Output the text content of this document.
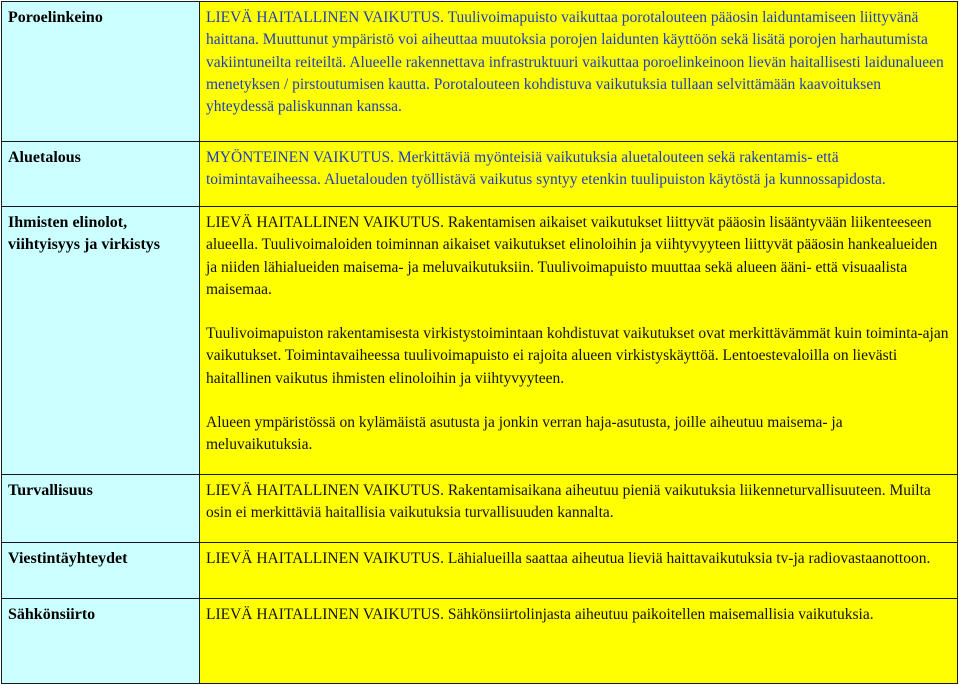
Poroelinkeino	LIEVÄ HAITALLINEN VAIKUTUS. Tuulivoimapuisto vaikuttaa porotalouteen pääosin laiduntamiseen liittyvänä haittana. Muuttunut ympäristö voi aiheuttaa muutoksia porojen laidunten käyttöön sekä lisätä porojen harhautumista vakiintuneilta reiteiltä. Alueelle rakennettava infrastruktuuri vaikuttaa poroelinkeinoon lievän haitallisesti laidunalueen menetyksen / pirstoutumisen kautta. Porotalouteen kohdistuva vaikutuksia tullaan selvittämään kaavoituksen yhteydessä paliskunnan kanssa.

Aluetalous	MYÖNTEINEN VAIKUTUS. Merkittäviä myönteisiä vaikutuksia aluetalouteen sekä rakentamis- että toimintavaiheessa. Aluetalouden työllistävä vaikutus syntyy etenkin tuulipuiston käytöstä ja kunnossapidosta.

Ihmisten elinolot, viihtyisyys ja virkistys	LIEVÄ HAITALLINEN VAIKUTUS. Rakentamisen aikaiset vaikutukset liittyvät pääosin lisääntyvään liikenteeseen alueella. Tuulivoimaloiden toiminnan aikaiset vaikutukset elinoloihin ja viihtyvyyteen liittyvät pääosin hankealueiden ja niiden lähialueiden maisema- ja meluvaikutuksiin. Tuulivoimapuisto muuttaa sekä alueen ääni- että visuaalista maisemaa.
Tuulivoimapuiston rakentamisesta virkistystoimintaan kohdistuvat vaikutukset ovat merkittävämmät kuin toiminta-ajan vaikutukset. Toimintavaiheessa tuulivoimapuisto ei rajoita alueen virkistyskäyttöä. Lentoestevaloilla on lievästi haitallinen vaikutus ihmisten elinoloihin ja viihtyvyyteen.
Alueen ympäristössä on kylämäistä asutusta ja jonkin verran haja-asutusta, joille aiheutuu maisema- ja meluvaikutuksia.

Turvallisuus	LIEVÄ HAITALLINEN VAIKUTUS. Rakentamisaikana aiheutuu pieniä vaikutuksia liikenneturvallisuuteen. Muilta osin ei merkittäviä haitallisia vaikutuksia turvallisuuden kannalta.

Viestintäyhteydet	LIEVÄ HAITALLINEN VAIKUTUS. Lähialueilla saattaa aiheutua lieviä haittavaikutuksia tv-ja radiovastaanottoon.

Sähkönsiirto	LIEVÄ HAITALLINEN VAIKUTUS. Sähkönsiirtolinjasta aiheutuu paikoitellen maisemallisia vaikutuksia.
